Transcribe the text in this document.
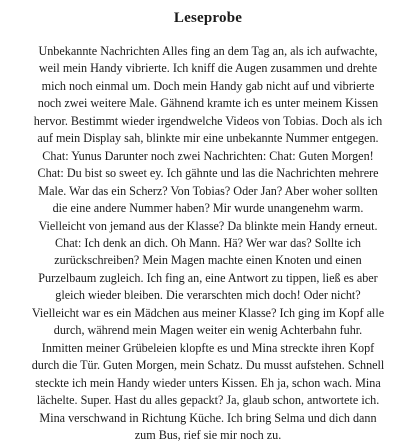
Leseprobe
Unbekannte Nachrichten Alles fing an dem Tag an, als ich aufwachte,
weil mein Handy vibrierte. Ich kniff die Augen zusammen und drehte
mich noch einmal um. Doch mein Handy gab nicht auf und vibrierte
noch zwei weitere Male. Gähnend kramte ich es unter meinem Kissen
hervor. Bestimmt wieder irgendwelche Videos von Tobias. Doch als ich
auf mein Display sah, blinkte mir eine unbekannte Nummer entgegen.
Chat: Yunus Darunter noch zwei Nachrichten: Chat: Guten Morgen!
Chat: Du bist so sweet ey. Ich gähnte und las die Nachrichten mehrere
Male. War das ein Scherz? Von Tobias? Oder Jan? Aber woher sollten
die eine andere Nummer haben? Mir wurde unangenehm warm.
Vielleicht von jemand aus der Klasse? Da blinkte mein Handy erneut.
Chat: Ich denk an dich. Oh Mann. Hä? Wer war das? Sollte ich
zurückschreiben? Mein Magen machte einen Knoten und einen
Purzelbaum zugleich. Ich fing an, eine Antwort zu tippen, ließ es aber
gleich wieder bleiben. Die verarschten mich doch! Oder nicht?
Vielleicht war es ein Mädchen aus meiner Klasse? Ich ging im Kopf alle
durch, während mein Magen weiter ein wenig Achterbahn fuhr.
Inmitten meiner Grübeleien klopfte es und Mina streckte ihren Kopf
durch die Tür. Guten Morgen, mein Schatz. Du musst aufstehen. Schnell
steckte ich mein Handy wieder unters Kissen. Eh ja, schon wach. Mina
lächelte. Super. Hast du alles gepackt? Ja, glaub schon, antwortete ich.
Mina verschwand in Richtung Küche. Ich bring Selma und dich dann
zum Bus, rief sie mir noch zu.
